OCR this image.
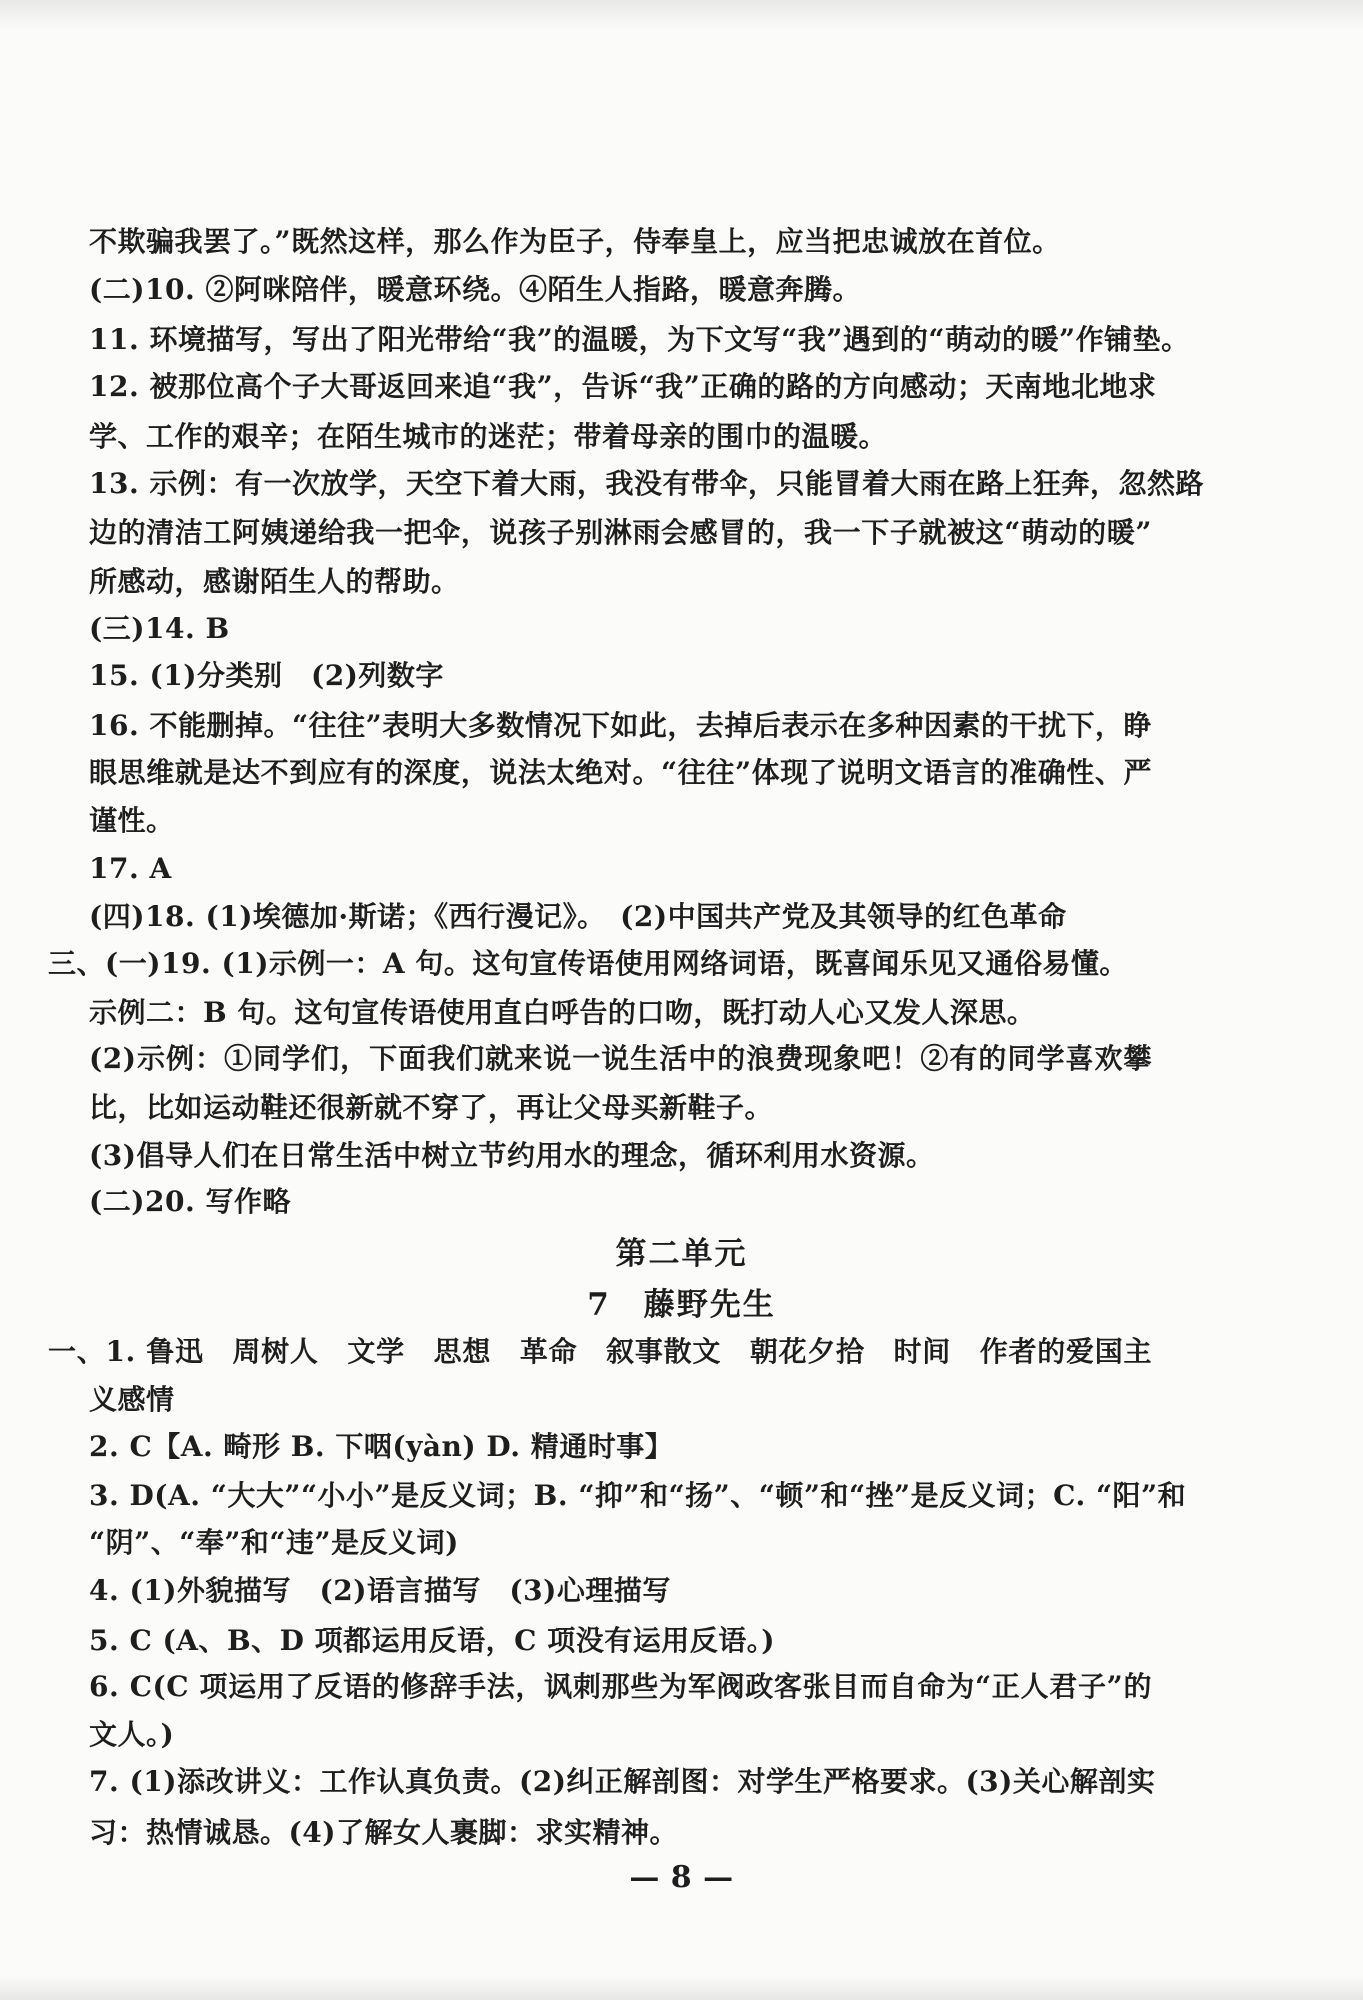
不欺骗我罢了。”既然这样，那么作为臣子，侍奉皇上，应当把忠诚放在首位。
(二)10. ②阿咪陪伴，暖意环绕。④陌生人指路，暖意奔腾。
11. 环境描写，写出了阳光带给“我”的温暖，为下文写“我”遇到的“萌动的暖”作铺垫。
12. 被那位高个子大哥返回来追“我”，告诉“我”正确的路的方向感动；天南地北地求
学、工作的艰辛；在陌生城市的迷茫；带着母亲的围巾的温暖。
13. 示例：有一次放学，天空下着大雨，我没有带伞，只能冒着大雨在路上狂奔，忽然路
边的清洁工阿姨递给我一把伞，说孩子别淋雨会感冒的，我一下子就被这“萌动的暖”
所感动，感谢陌生人的帮助。
(三)14. B
15. (1)分类别　(2)列数字
16. 不能删掉。“往往”表明大多数情况下如此，去掉后表示在多种因素的干扰下，睁
眼思维就是达不到应有的深度，说法太绝对。“往往”体现了说明文语言的准确性、严
谨性。
17. A
(四)18. (1)埃德加·斯诺；《西行漫记》。　(2)中国共产党及其领导的红色革命
三、(一)19. (1)示例一：A 句。这句宣传语使用网络词语，既喜闻乐见又通俗易懂。
示例二：B 句。这句宣传语使用直白呼告的口吻，既打动人心又发人深思。
(2)示例：①同学们，下面我们就来说一说生活中的浪费现象吧！②有的同学喜欢攀
比，比如运动鞋还很新就不穿了，再让父母买新鞋子。
(3)倡导人们在日常生活中树立节约用水的理念，循环利用水资源。
(二)20. 写作略
第二单元
7　藤野先生
一、1. 鲁迅　周树人　文学　思想　革命　叙事散文　朝花夕拾　时间　作者的爱国主
义感情
2. C【A. 畸形 B. 下咽(yàn) D. 精通时事】
3. D(A. “大大”“小小”是反义词；B. “抑”和“扬”、“顿”和“挫”是反义词；C. “阳”和
“阴”、“奉”和“违”是反义词)
4. (1)外貌描写　(2)语言描写　(3)心理描写
5. C (A、B、D 项都运用反语，C 项没有运用反语。)
6. C(C 项运用了反语的修辞手法，讽刺那些为军阀政客张目而自命为“正人君子”的
文人。)
7. (1)添改讲义：工作认真负责。(2)纠正解剖图：对学生严格要求。(3)关心解剖实
习：热情诚恳。(4)了解女人裹脚：求实精神。
— 8 —
